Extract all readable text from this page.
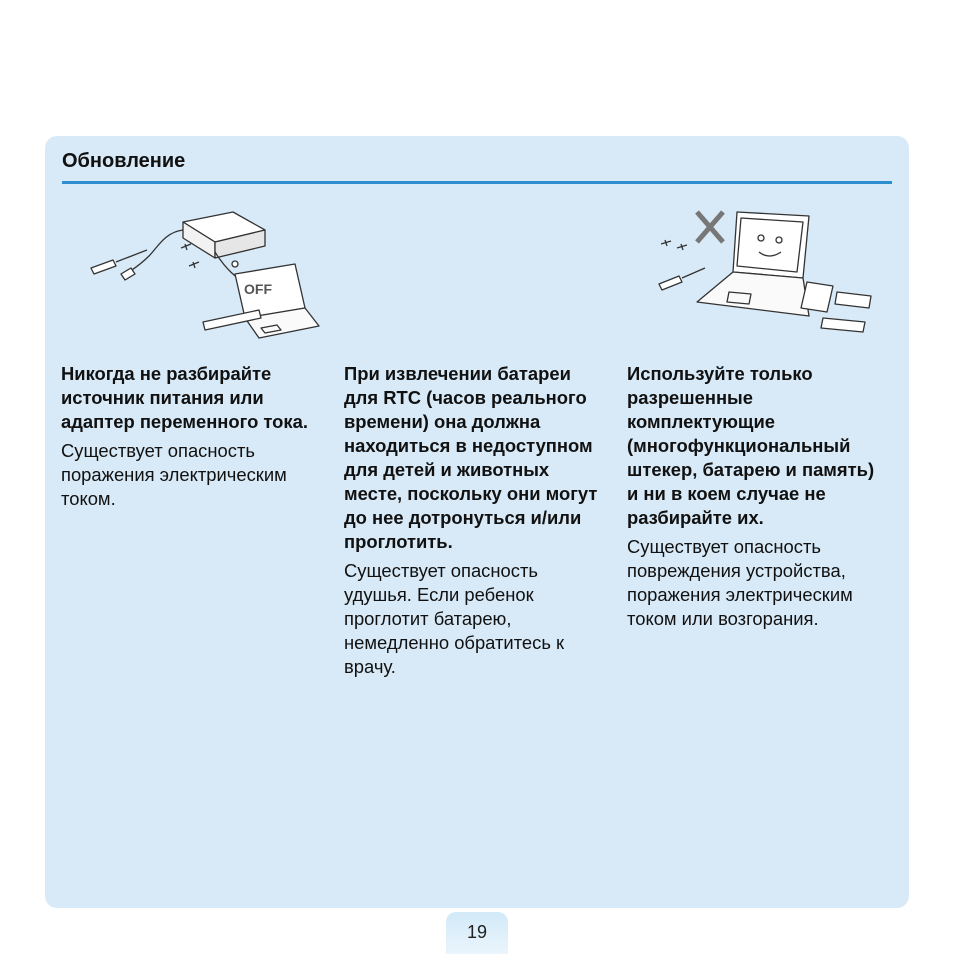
Обновление
OFF

Никогда не разбирайте источник питания или адаптер переменного тока.

Существует опасность поражения электрическим током.

При извлечении батареи для RTC (часов реального времени) она должна находиться в недоступном для детей и животных месте, поскольку они могут до нее дотронуться и/или проглотить.

Существует опасность удушья. Если ребенок проглотит батарею, немедленно обратитесь к врачу.

Используйте только разрешенные комплектующие (многофункциональный штекер, батарею и память) и ни в коем случае не разбирайте их.

Существует опасность повреждения устройства, поражения электрическим током или возгорания.

19
